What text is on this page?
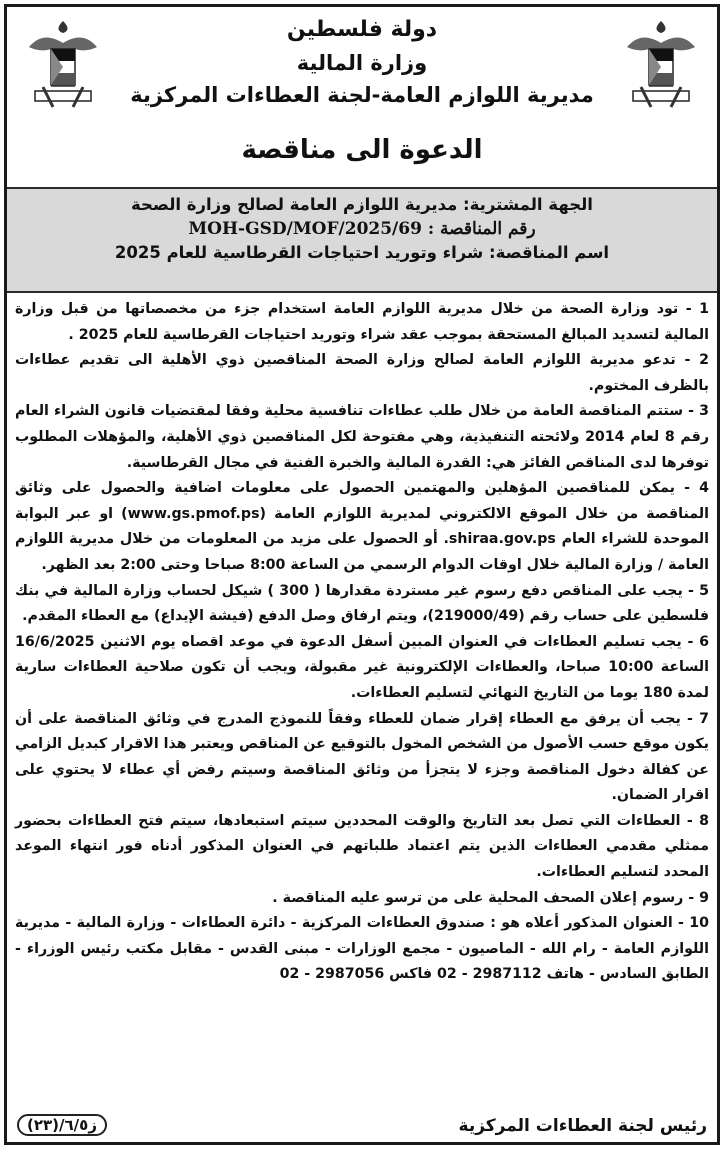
دولة فلسطين
وزارة المالية
مديرية اللوازم العامة-لجنة العطاءات المركزية
الدعوة الى مناقصة
الجهة المشترية: مديرية اللوازم العامة لصالح وزارة الصحة
رقم المناقصة : MOH-GSD/MOF/2025/69
اسم المناقصة: شراء وتوريد احتياجات القرطاسية للعام 2025

1 - تود وزارة الصحة من خلال مديرية اللوازم العامة استخدام جزء من مخصصاتها من قبل وزارة المالية لتسديد المبالغ المستحقة بموجب عقد شراء وتوريد احتياجات القرطاسية للعام 2025 .

2 - تدعو مديرية اللوازم العامة لصالح وزارة الصحة المناقصين ذوي الأهلية الى تقديم عطاءات بالظرف المختوم.

3 - ستتم المناقصة العامة من خلال طلب عطاءات تنافسية محلية وفقا لمقتضيات قانون الشراء العام رقم 8 لعام 2014 ولائحته التنفيذية، وهي مفتوحة لكل المناقصين ذوي الأهلية، والمؤهلات المطلوب توفرها لدى المناقص الفائز هي: القدرة المالية والخبرة الفنية في مجال القرطاسية.

4 - يمكن للمناقصين المؤهلين والمهتمين الحصول على معلومات اضافية والحصول على وثائق المناقصة من خلال الموقع الالكتروني لمديرية اللوازم العامة (www.gs.pmof.ps) او عبر البوابة الموحدة للشراء العام shiraa.gov.ps. أو الحصول على مزيد من المعلومات من خلال مديرية اللوازم العامة / وزارة المالية خلال اوقات الدوام الرسمي من الساعة 8:00 صباحا وحتى 2:00 بعد الظهر.

5 - يجب على المناقص دفع رسوم غير مستردة مقدارها ( 300 ) شيكل لحساب وزارة المالية في بنك فلسطين على حساب رقم (219000/49)، ويتم ارفاق وصل الدفع (فيشة الإيداع) مع العطاء المقدم.

6 - يجب تسليم العطاءات في العنوان المبين أسفل الدعوة في موعد اقصاه يوم الاثنين 16/6/2025 الساعة 10:00 صباحا، والعطاءات الإلكترونية غير مقبولة، ويجب أن تكون صلاحية العطاءات سارية لمدة 180 يوما من التاريخ النهائي لتسليم العطاءات.

7 - يجب أن يرفق مع العطاء إقرار ضمان للعطاء وفقاً للنموذج المدرج في وثائق المناقصة على أن يكون موقع حسب الأصول من الشخص المخول بالتوقيع عن المناقص ويعتبر هذا الاقرار كبديل الزامي عن كفالة دخول المناقصة وجزء لا يتجزأ من وثائق المناقصة وسيتم رفض أي عطاء لا يحتوي على اقرار الضمان.

8 - العطاءات التي تصل بعد التاريخ والوقت المحددين سيتم استبعادها، سيتم فتح العطاءات بحضور ممثلي مقدمي العطاءات الذين يتم اعتماد طلباتهم في العنوان المذكور أدناه فور انتهاء الموعد المحدد لتسليم العطاءات.

9 - رسوم إعلان الصحف المحلية على من ترسو عليه المناقصة .

10 - العنوان المذكور أعلاه هو : صندوق العطاءات المركزية - دائرة العطاءات - وزارة المالية - مديرية اللوازم العامة - رام الله - الماصيون - مجمع الوزارات - مبنى القدس - مقابل مكتب رئيس الوزراء - الطابق السادس - هاتف 2987112 - 02 فاكس 2987056 - 02

رئيس لجنة العطاءات المركزية
ز٦/٥/(٢٣)
